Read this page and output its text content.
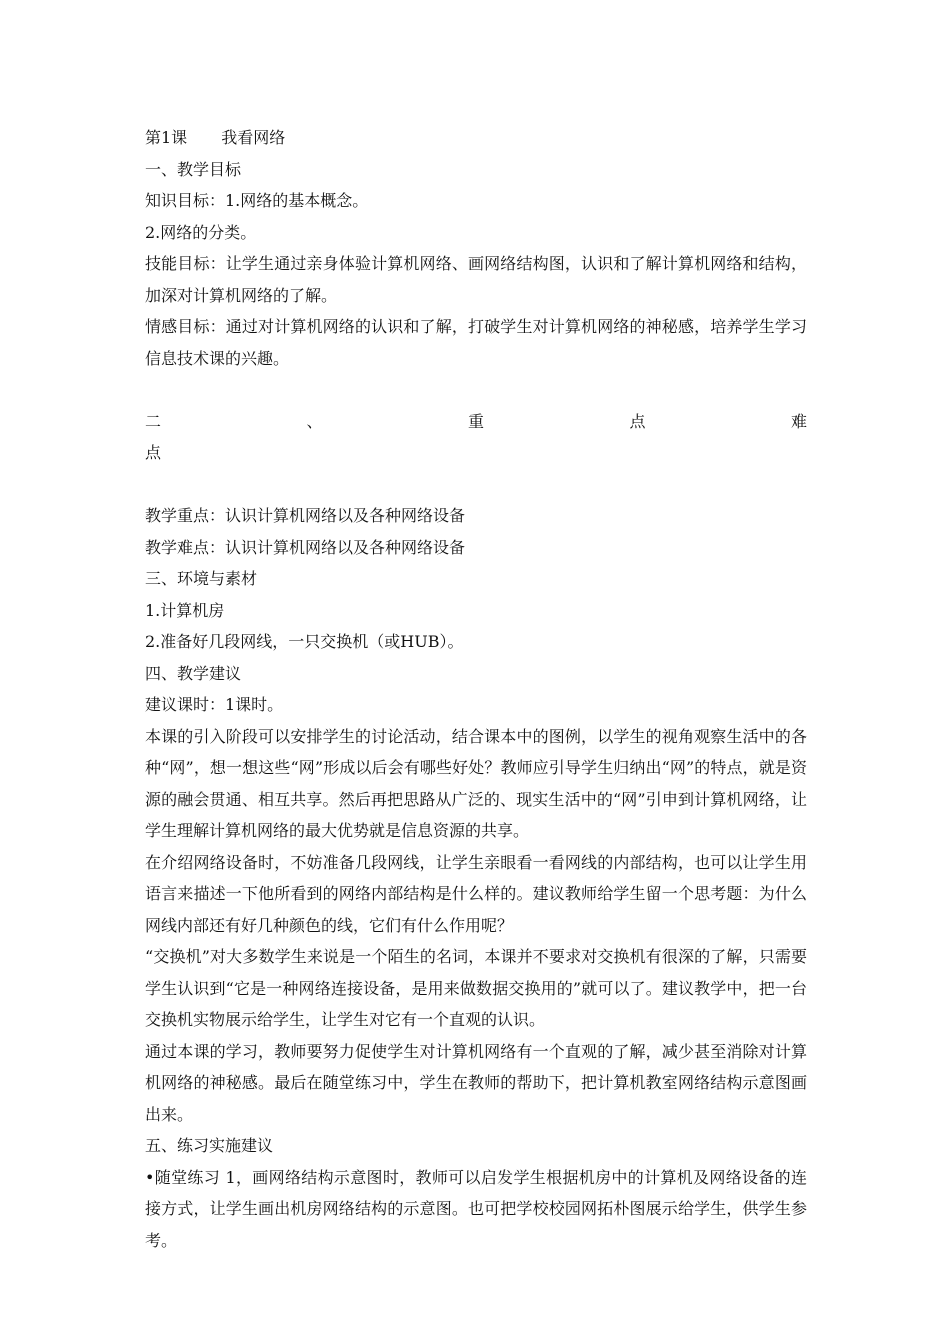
第1课 我看网络
一、教学目标
知识目标：1.网络的基本概念。
2.网络的分类。
技能目标：让学生通过亲身体验计算机网络、画网络结构图，认识和了解计算机网络和结构，加深对计算机网络的了解。
情感目标：通过对计算机网络的认识和了解，打破学生对计算机网络的神秘感，培养学生学习信息技术课的兴趣。
二	、	重	点	难
点
教学重点：认识计算机网络以及各种网络设备
教学难点：认识计算机网络以及各种网络设备
三、环境与素材
1.计算机房
2.准备好几段网线，一只交换机（或HUB）。
四、教学建议
建议课时：1课时。
本课的引入阶段可以安排学生的讨论活动，结合课本中的图例，以学生的视角观察生活中的各种“网”，想一想这些“网”形成以后会有哪些好处？教师应引导学生归纳出“网”的特点，就是资源的融会贯通、相互共享。然后再把思路从广泛的、现实生活中的“网”引申到计算机网络，让学生理解计算机网络的最大优势就是信息资源的共享。
在介绍网络设备时，不妨准备几段网线，让学生亲眼看一看网线的内部结构，也可以让学生用语言来描述一下他所看到的网络内部结构是什么样的。建议教师给学生留一个思考题：为什么网线内部还有好几种颜色的线，它们有什么作用呢？
“交换机”对大多数学生来说是一个陌生的名词，本课并不要求对交换机有很深的了解，只需要学生认识到“它是一种网络连接设备，是用来做数据交换用的”就可以了。建议教学中，把一台交换机实物展示给学生，让学生对它有一个直观的认识。
通过本课的学习，教师要努力促使学生对计算机网络有一个直观的了解，减少甚至消除对计算机网络的神秘感。最后在随堂练习中，学生在教师的帮助下，把计算机教室网络结构示意图画出来。
五、练习实施建议
•随堂练习 1，画网络结构示意图时，教师可以启发学生根据机房中的计算机及网络设备的连接方式，让学生画出机房网络结构的示意图。也可把学校校园网拓朴图展示给学生，供学生参考。
